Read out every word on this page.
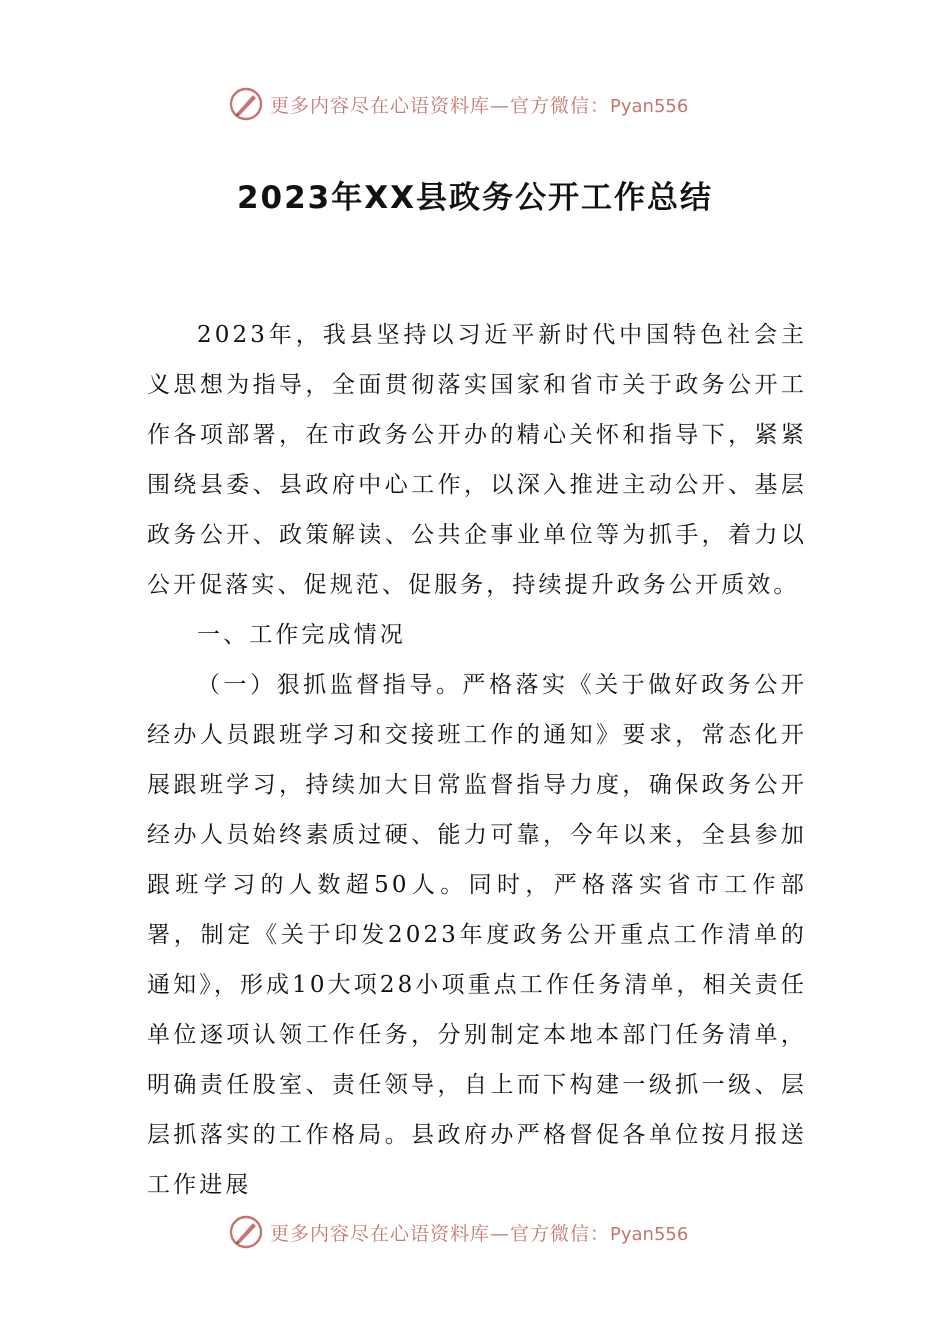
更多内容尽在心语资料库—官方微信：Pyan556
2023年XX县政务公开工作总结

2023年，我县坚持以习近平新时代中国特色社会主义思想为指导，全面贯彻落实国家和省市关于政务公开工作各项部署，在市政务公开办的精心关怀和指导下，紧紧围绕县委、县政府中心工作，以深入推进主动公开、基层政务公开、政策解读、公共企事业单位等为抓手，着力以公开促落实、促规范、促服务，持续提升政务公开质效。

一、工作完成情况

（一）狠抓监督指导。严格落实《关于做好政务公开经办人员跟班学习和交接班工作的通知》要求，常态化开展跟班学习，持续加大日常监督指导力度，确保政务公开经办人员始终素质过硬、能力可靠，今年以来，全县参加跟班学习的人数超50人。同时，严格落实省市工作部署，制定《关于印发2023年度政务公开重点工作清单的通知》，形成10大项28小项重点工作任务清单，相关责任单位逐项认领工作任务，分别制定本地本部门任务清单，明确责任股室、责任领导，自上而下构建一级抓一级、层层抓落实的工作格局。县政府办严格督促各单位按月报送工作进展

更多内容尽在心语资料库—官方微信：Pyan556
